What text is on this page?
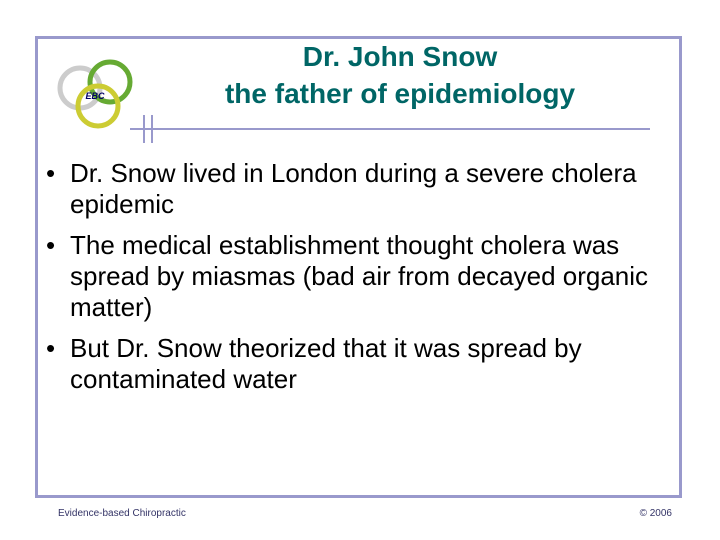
EBC
Dr. John Snow
the father of epidemiology
• Dr. Snow lived in London during a severe cholera epidemic
• The medical establishment thought cholera was spread by miasmas (bad air from decayed organic matter)
• But Dr. Snow theorized that it was spread by contaminated water
Evidence-based Chiropractic	© 2006
